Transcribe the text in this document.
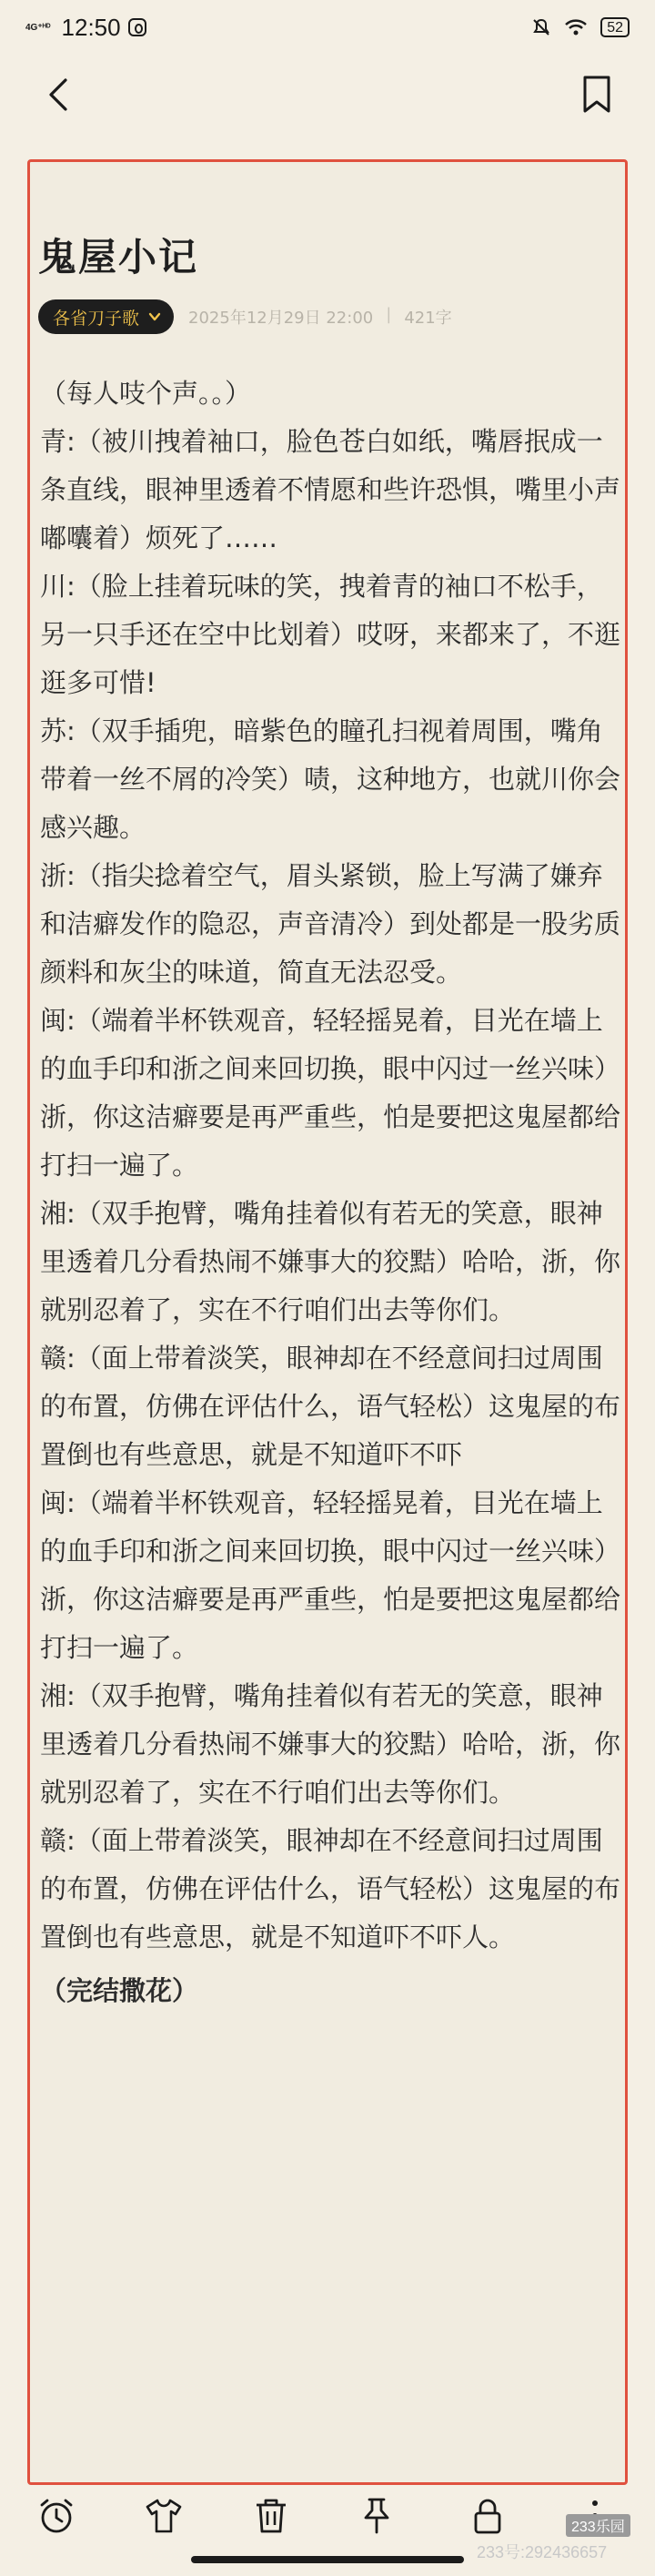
4G⁺ᴴᴰ 12:50	52
鬼屋小记
各省刀子歌	2025年12月29日 22:00 | 421字

（每人吱个声。。）

青:（被川拽着袖口，脸色苍白如纸，嘴唇抿成一条直线，眼神里透着不情愿和些许恐惧，嘴里小声嘟囔着）烦死了……

川:（脸上挂着玩味的笑，拽着青的袖口不松手，另一只手还在空中比划着）哎呀，来都来了，不逛逛多可惜!

苏:（双手插兜，暗紫色的瞳孔扫视着周围，嘴角带着一丝不屑的冷笑）啧，这种地方，也就川你会感兴趣。

浙:（指尖捻着空气，眉头紧锁，脸上写满了嫌弃和洁癖发作的隐忍，声音清冷）到处都是一股劣质颜料和灰尘的味道，简直无法忍受。

闽:（端着半杯铁观音，轻轻摇晃着，目光在墙上的血手印和浙之间来回切换，眼中闪过一丝兴味）浙，你这洁癖要是再严重些，怕是要把这鬼屋都给打扫一遍了。

湘:（双手抱臂，嘴角挂着似有若无的笑意，眼神里透着几分看热闹不嫌事大的狡黠）哈哈，浙，你就别忍着了，实在不行咱们出去等你们。

赣:（面上带着淡笑，眼神却在不经意间扫过周围的布置，仿佛在评估什么，语气轻松）这鬼屋的布置倒也有些意思，就是不知道吓不吓

闽:（端着半杯铁观音，轻轻摇晃着，目光在墙上的血手印和浙之间来回切换，眼中闪过一丝兴味）浙，你这洁癖要是再严重些，怕是要把这鬼屋都给打扫一遍了。

湘:（双手抱臂，嘴角挂着似有若无的笑意，眼神里透着几分看热闹不嫌事大的狡黠）哈哈，浙，你就别忍着了，实在不行咱们出去等你们。

赣:（面上带着淡笑，眼神却在不经意间扫过周围的布置，仿佛在评估什么，语气轻松）这鬼屋的布置倒也有些意思，就是不知道吓不吓人。

（完结撒花）

233乐园
233号:292436657
